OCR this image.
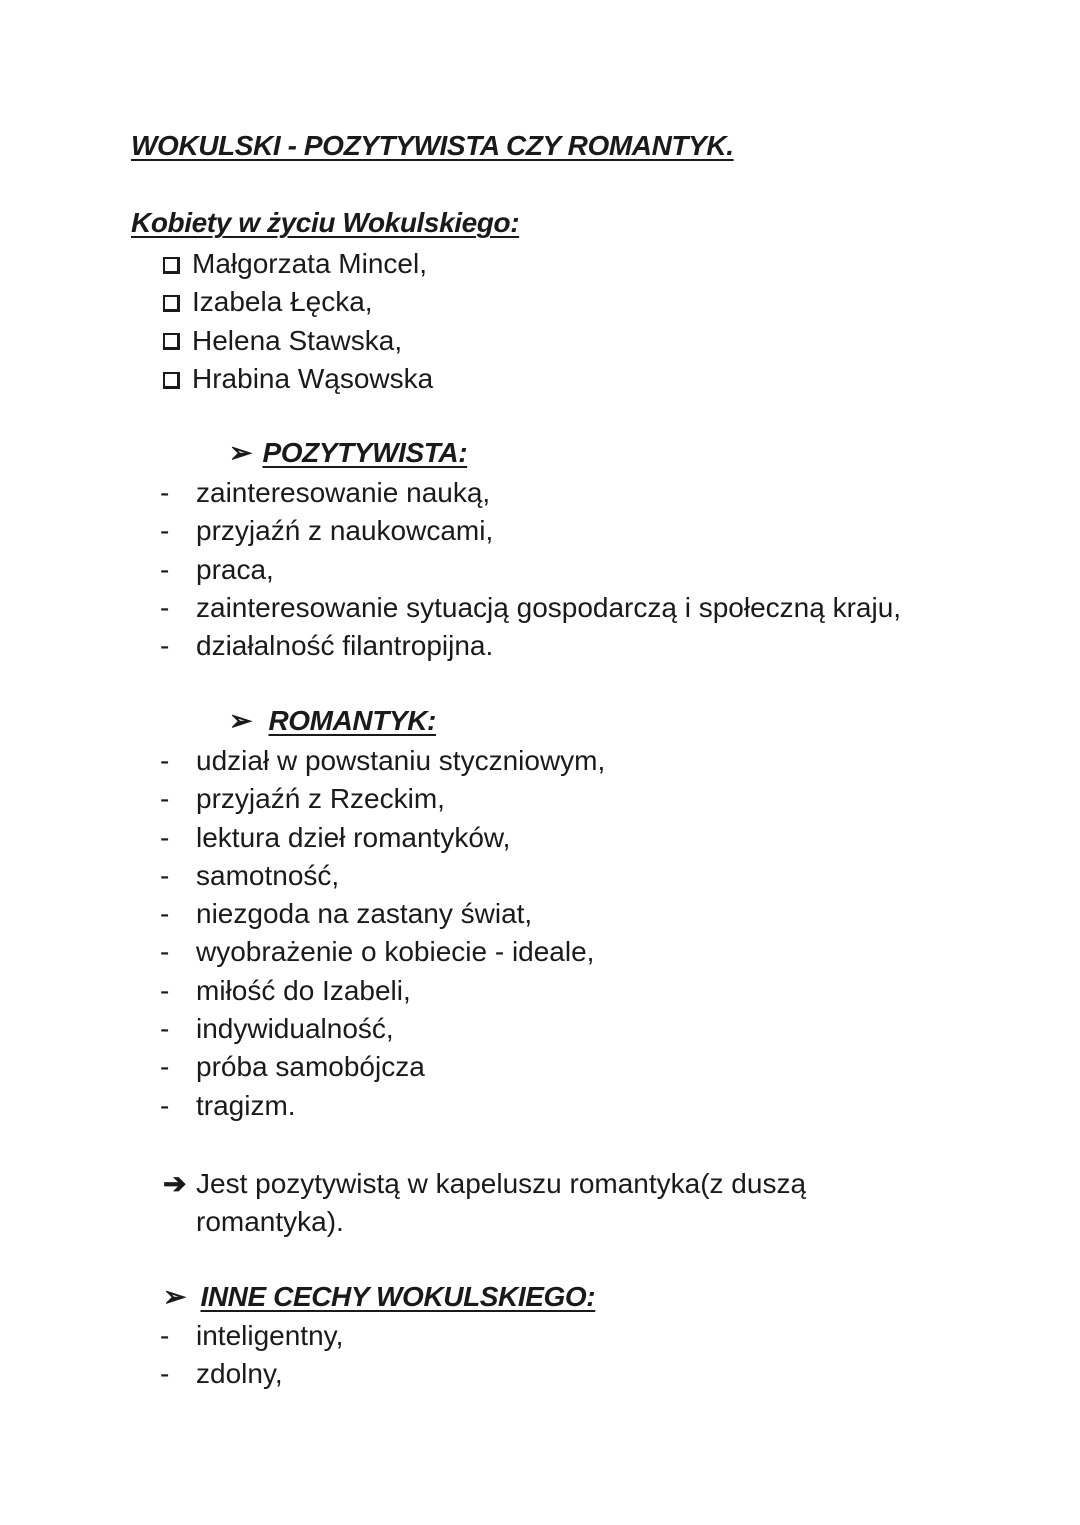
WOKULSKI - POZYTYWISTA CZY ROMANTYK.
Kobiety w życiu Wokulskiego:
Małgorzata Mincel,
Izabela Łęcka,
Helena Stawska,
Hrabina Wąsowska
➢ POZYTYWISTA:
- zainteresowanie nauką,
- przyjaźń z naukowcami,
- praca,
- zainteresowanie sytuacją gospodarczą i społeczną kraju,
- działalność filantropijna.
➢ ROMANTYK:
- udział w powstaniu styczniowym,
- przyjaźń z Rzeckim,
- lektura dzieł romantyków,
- samotność,
- niezgoda na zastany świat,
- wyobrażenie o kobiecie - ideale,
- miłość do Izabeli,
- indywidualność,
- próba samobójcza
- tragizm.
➔ Jest pozytywistą w kapeluszu romantyka(z duszą romantyka).
➢ INNE CECHY WOKULSKIEGO:
- inteligentny,
- zdolny,
